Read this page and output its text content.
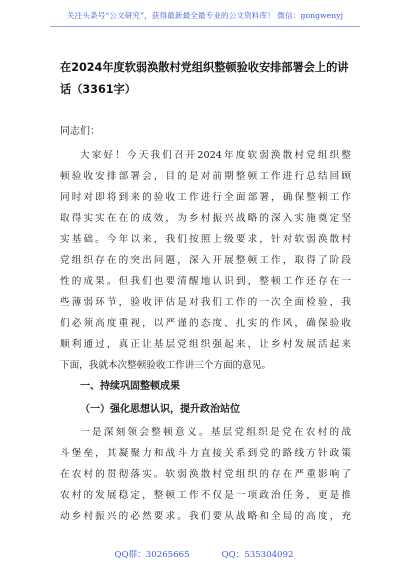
关注头条号“公文研究”，获得最新最全最专业的公文资料库！ 微信：gongwenyj
在2024年度软弱涣散村党组织整顿验收安排部署会上的讲
话（3361字）
同志们：
大家好！今天我们召开2024年度软弱涣散村党组织整
顿验收安排部署会，目的是对前期整顿工作进行总结回顾
同时对即将到来的验收工作进行全面部署，确保整顿工作
取得实实在在的成效，为乡村振兴战略的深入实施奠定坚
实基础。今年以来，我们按照上级要求，针对软弱涣散村
党组织存在的突出问题，深入开展整顿工作，取得了阶段
性的成果。但我们也要清醒地认识到，整顿工作还存在一
些薄弱环节，验收评估是对我们工作的一次全面检验，我
们必须高度重视，以严谨的态度、扎实的作风，确保验收
顺利通过，真正让基层党组织强起来，让乡村发展活起来
下面，我就本次整顿验收工作讲三个方面的意见。
一、持续巩固整顿成果
（一）强化思想认识，提升政治站位
一是深刻领会整顿意义。基层党组织是党在农村的战
斗堡垒，其凝聚力和战斗力直接关系到党的路线方针政策
在农村的贯彻落实。软弱涣散村党组织的存在严重影响了
农村的发展稳定，整顿工作不仅是一项政治任务，更是推
动乡村振兴的必然要求。我们要从战略和全局的高度，充
QQ群：30265665	QQ：535304092
